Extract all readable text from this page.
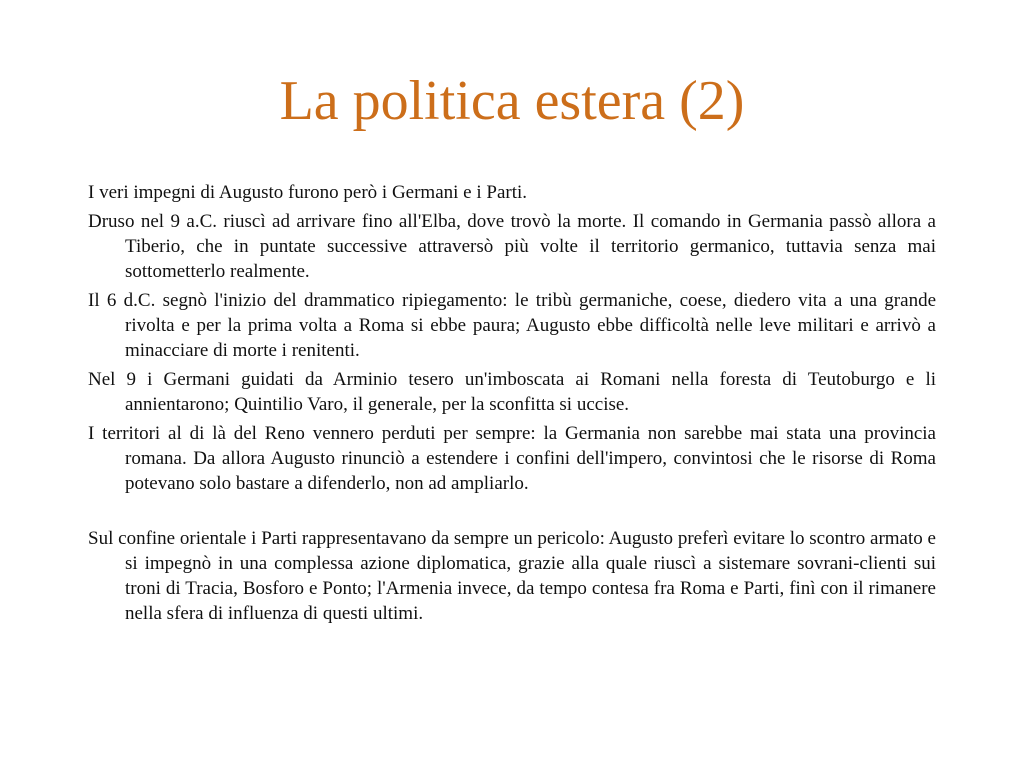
La politica estera (2)

I veri impegni di Augusto furono però i Germani e i Parti.

Druso nel 9 a.C. riuscì ad arrivare fino all'Elba, dove trovò la morte. Il comando in Germania passò allora a Tiberio, che in puntate successive attraversò più volte il territorio germanico, tuttavia senza mai sottometterlo realmente.

Il 6 d.C. segnò l'inizio del drammatico ripiegamento: le tribù germaniche, coese, diedero vita a una grande rivolta e per la prima volta a Roma si ebbe paura; Augusto ebbe difficoltà nelle leve militari e arrivò a minacciare di morte i renitenti.

Nel 9 i Germani guidati da Arminio tesero un'imboscata ai Romani nella foresta di Teutoburgo e li annientarono; Quintilio Varo, il generale, per la sconfitta si uccise.

I territori al di là del Reno vennero perduti per sempre: la Germania non sarebbe mai stata una provincia romana. Da allora Augusto rinunciò a estendere i confini dell'impero, convintosi che le risorse di Roma potevano solo bastare a difenderlo, non ad ampliarlo.

Sul confine orientale i Parti rappresentavano da sempre un pericolo: Augusto preferì evitare lo scontro armato e si impegnò in una complessa azione diplomatica, grazie alla quale riuscì a sistemare sovrani-clienti sui troni di Tracia, Bosforo e Ponto; l'Armenia invece, da tempo contesa fra Roma e Parti, finì con il rimanere nella sfera di influenza di questi ultimi.
